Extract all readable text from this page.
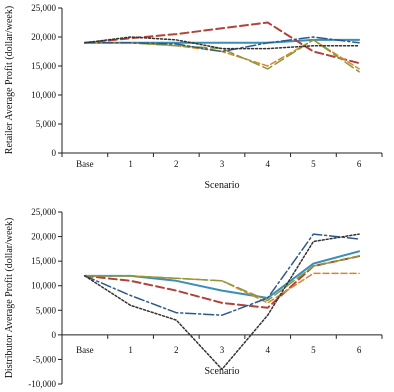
0
5,000
10,000
15,000
20,000
25,000
Base	1	2	3	4	5	6
Scenario
Retailer Average Profit (dollar/week)
-10,000
-5,000
0
5,000
10,000
15,000
20,000
25,000
Base	1	2	3	4	5	6
Scenario
Distributor Average Profit (dollar/week)
